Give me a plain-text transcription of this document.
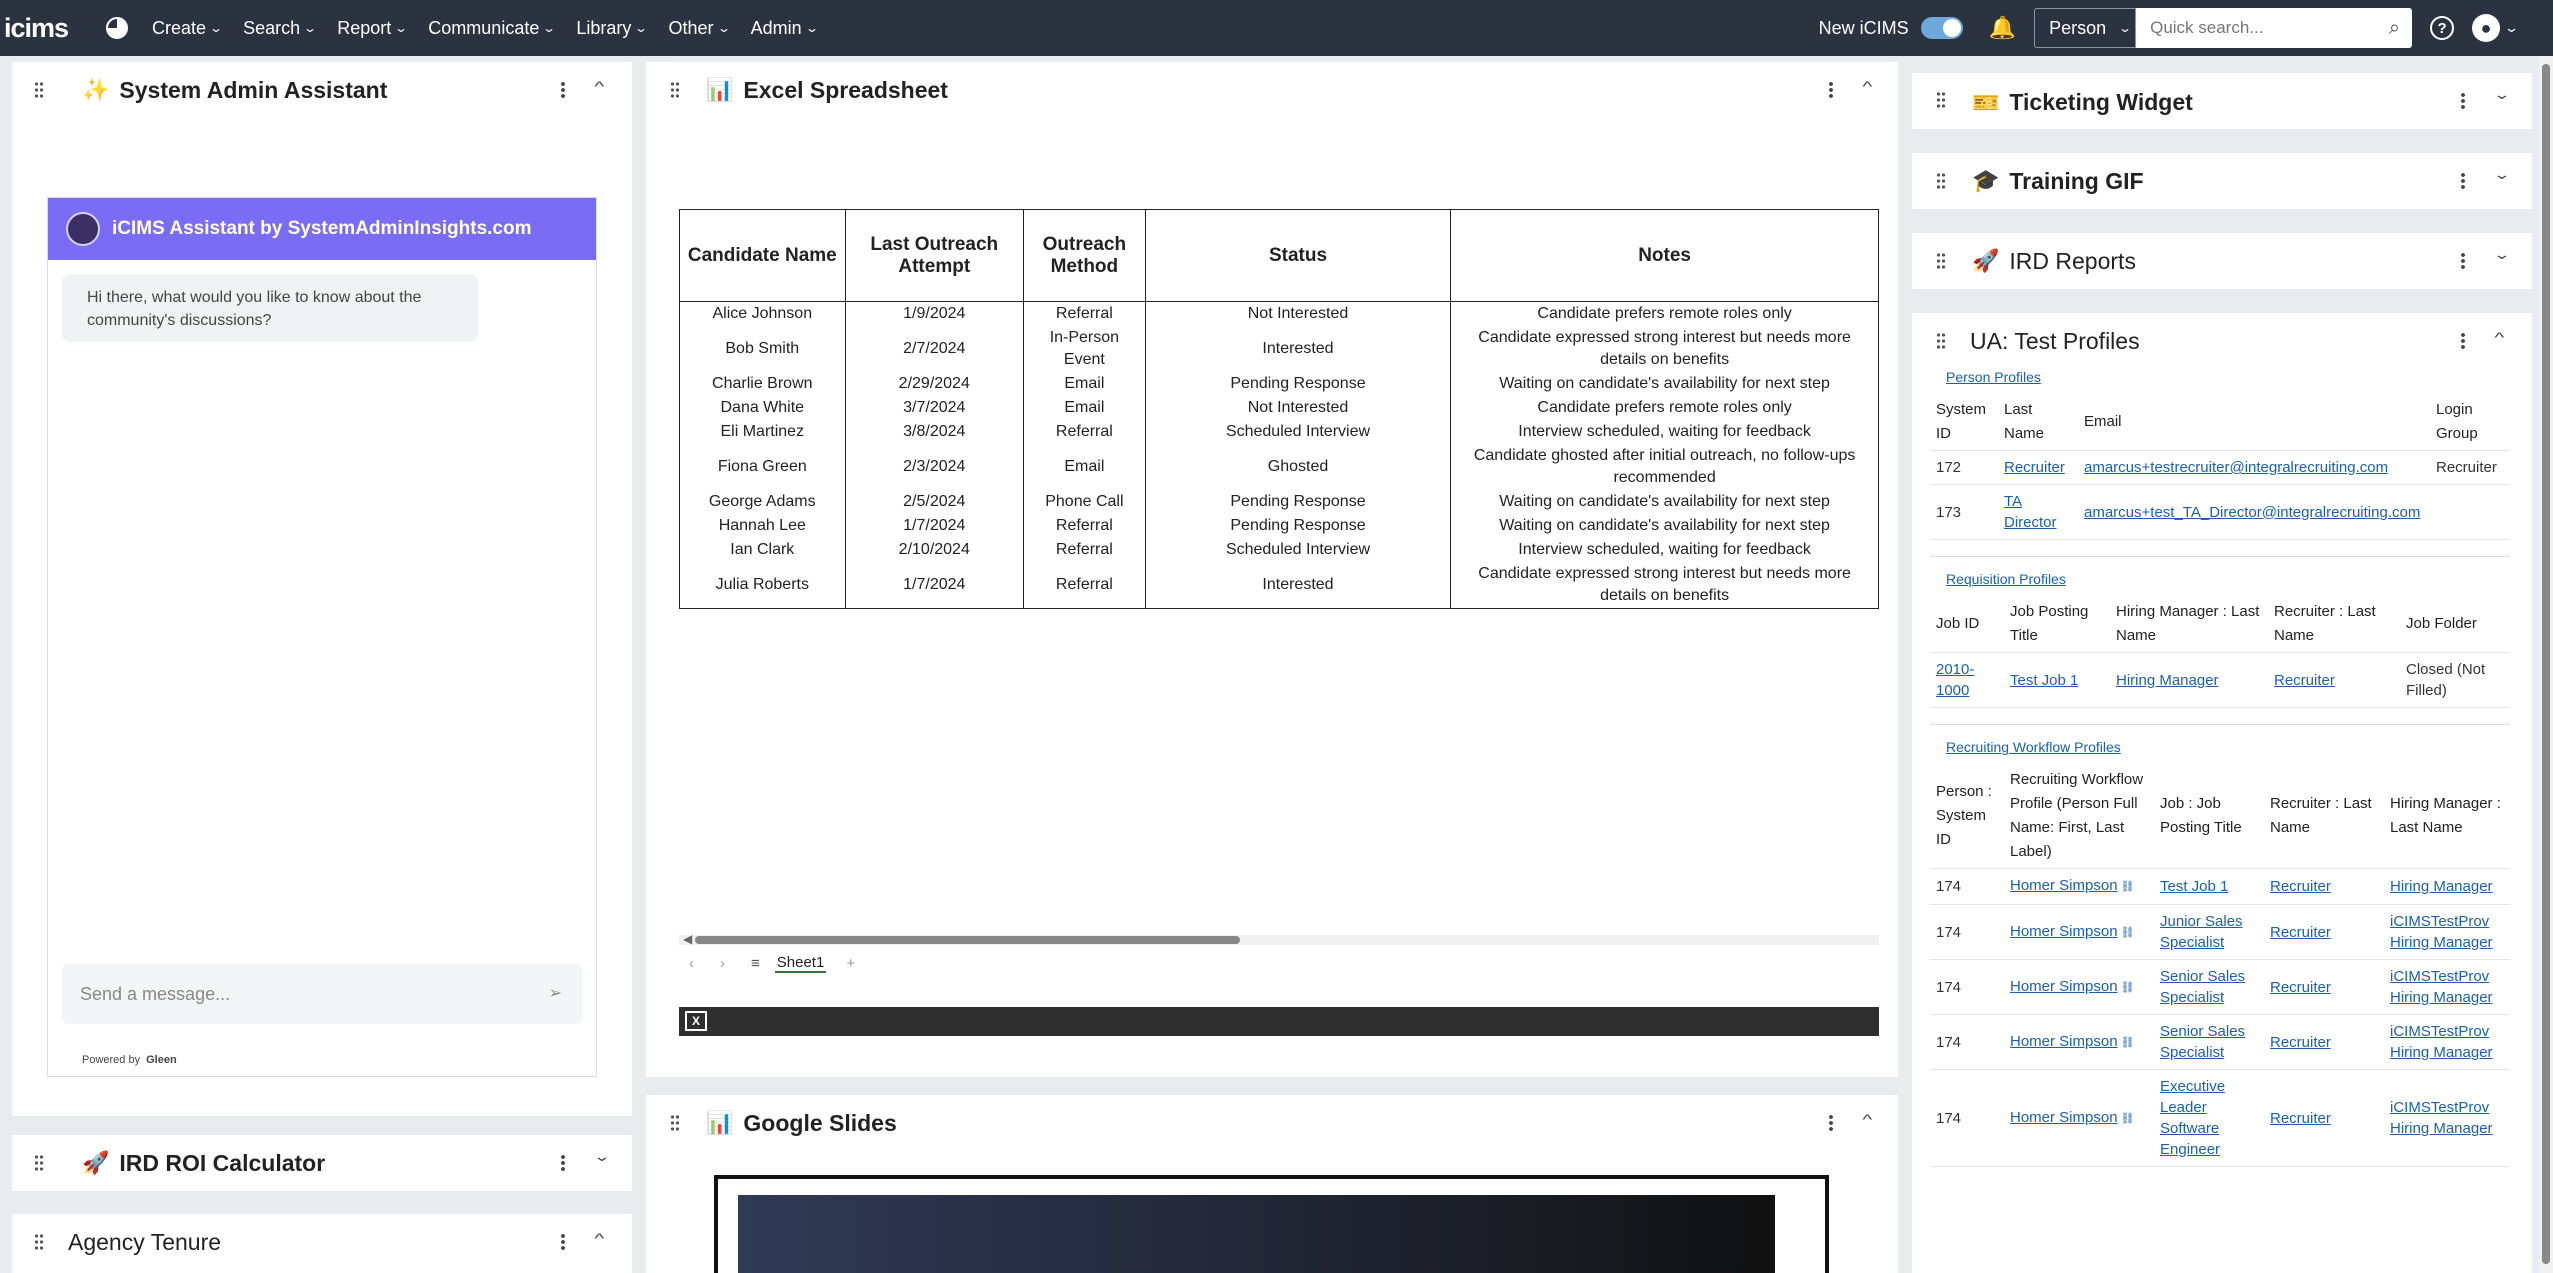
icims	Create ⌄ Search ⌄ Report ⌄ Communicate ⌄ Library ⌄ Other ⌄ Admin ⌄	New iCIMS	🔔 Person ⌄
Quick search...	⌕	?	● ⌄
✨ System Admin Assistant	^
iCIMS Assistant by SystemAdminInsights.com
Hi there, what would you like to know about the community's discussions?
Send a message...	➢
Powered by Gleen
🚀 IRD ROI Calculator	⌄
Agency Tenure	^
📊 Excel Spreadsheet	^
Candidate Name	Last Outreach Attempt	Outreach Method	Status	Notes
Alice Johnson	1/9/2024	Referral	Not Interested	Candidate prefers remote roles only
Bob Smith	2/7/2024	In-Person Event	Interested	Candidate expressed strong interest but needs more details on benefits
Charlie Brown	2/29/2024	Email	Pending Response	Waiting on candidate's availability for next step
Dana White	3/7/2024	Email	Not Interested	Candidate prefers remote roles only
Eli Martinez	3/8/2024	Referral	Scheduled Interview	Interview scheduled, waiting for feedback
Fiona Green	2/3/2024	Email	Ghosted	Candidate ghosted after initial outreach, no follow-ups recommended
George Adams	2/5/2024	Phone Call	Pending Response	Waiting on candidate's availability for next step
Hannah Lee	1/7/2024	Referral	Pending Response	Waiting on candidate's availability for next step
Ian Clark	2/10/2024	Referral	Scheduled Interview	Interview scheduled, waiting for feedback
Julia Roberts	1/7/2024	Referral	Interested	Candidate expressed strong interest but needs more details on benefits
◀
‹ › ≡ Sheet1 +
X
📊 Google Slides	^
🎫 Ticketing Widget	⌄
🎓 Training GIF	⌄
🚀 IRD Reports	⌄
UA: Test Profiles	^
Person Profiles
System ID	Last Name	Email	Login Group
172	Recruiter	amarcus+testrecruiter@integralrecruiting.com	Recruiter
173	TA Director	amarcus+test_TA_Director@integralrecruiting.com	
Requisition Profiles
Job ID	Job Posting Title	Hiring Manager : Last Name	Recruiter : Last Name	Job Folder
2010-1000	Test Job 1	Hiring Manager	Recruiter	Closed (Not Filled)
Recruiting Workflow Profiles
Person : System ID	Recruiting Workflow Profile (Person Full Name: First, Last Label)	Job : Job Posting Title	Recruiter : Last Name	Hiring Manager : Last Name
174	Homer Simpson ⛓	Test Job 1	Recruiter	Hiring Manager
174	Homer Simpson ⛓	Junior Sales Specialist	Recruiter	iCIMSTestProv Hiring Manager
174	Homer Simpson ⛓	Senior Sales Specialist	Recruiter	iCIMSTestProv Hiring Manager
174	Homer Simpson ⛓	Senior Sales Specialist	Recruiter	iCIMSTestProv Hiring Manager
174	Homer Simpson ⛓	Executive Leader Software Engineer	Recruiter	iCIMSTestProv Hiring Manager
